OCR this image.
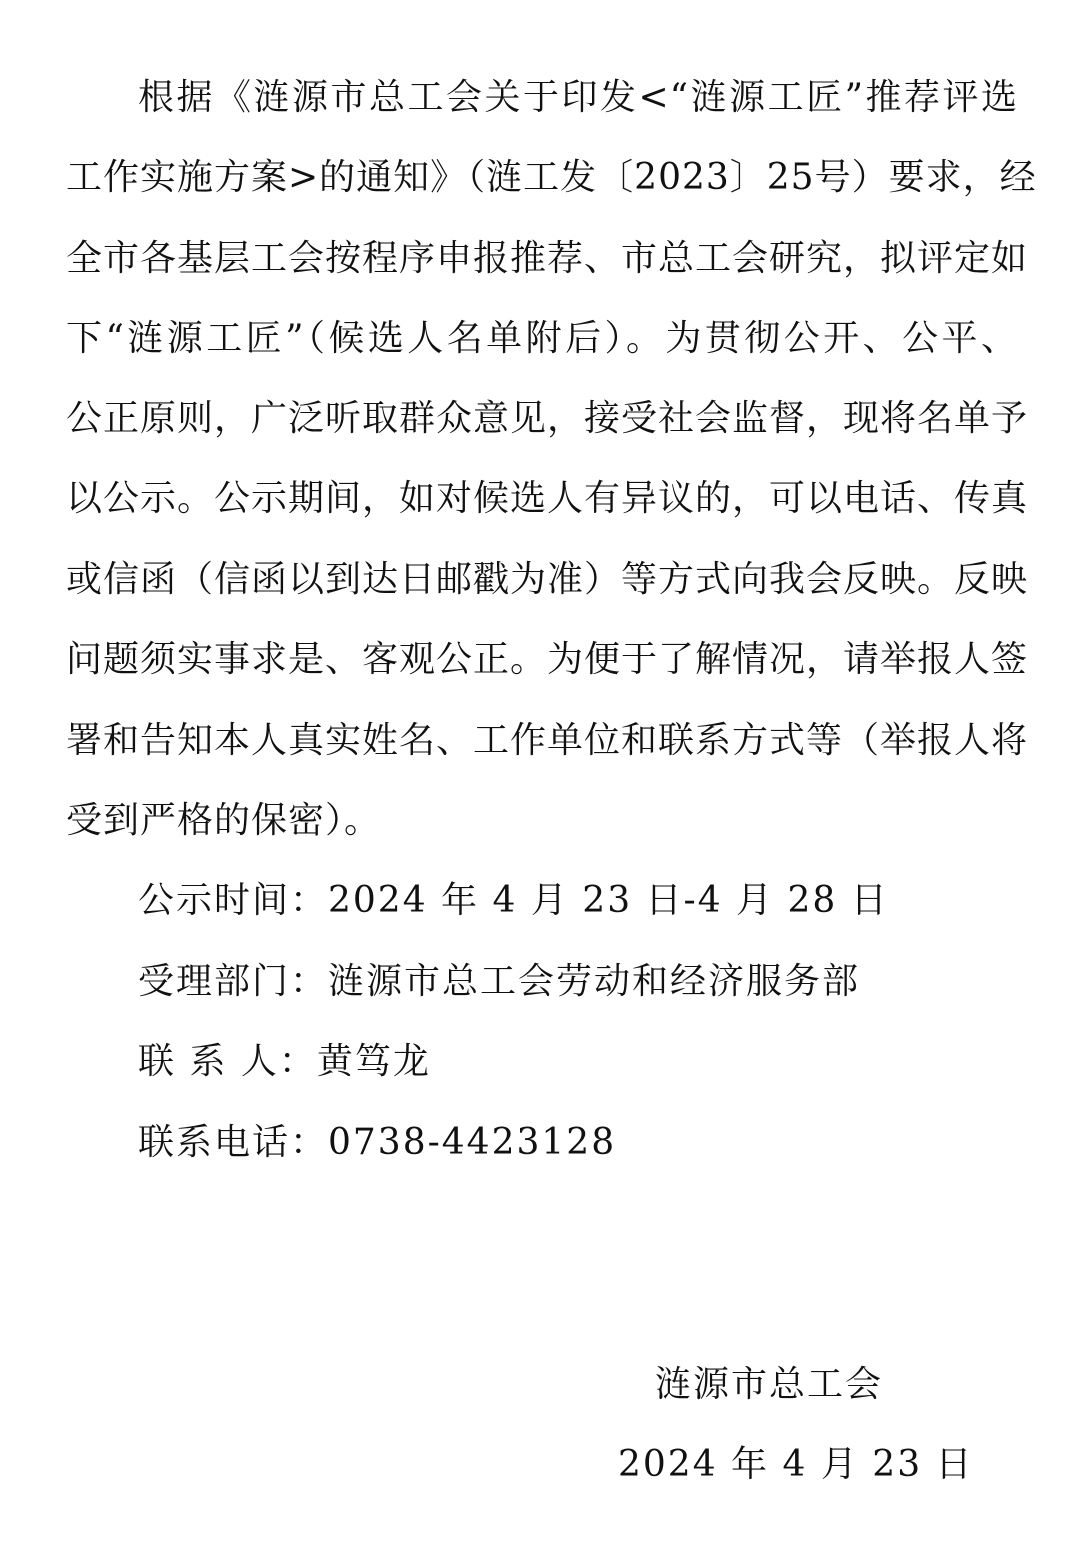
根据《涟源市总工会关于印发<“涟源工匠”推荐评选
工作实施方案>的通知》（涟工发〔2023〕25号）要求，经
全市各基层工会按程序申报推荐、市总工会研究，拟评定如
下“涟源工匠”（候选人名单附后）。为贯彻公开、公平、
公正原则，广泛听取群众意见，接受社会监督，现将名单予
以公示。公示期间，如对候选人有异议的，可以电话、传真
或信函（信函以到达日邮戳为准）等方式向我会反映。反映
问题须实事求是、客观公正。为便于了解情况，请举报人签
署和告知本人真实姓名、工作单位和联系方式等（举报人将
受到严格的保密）。
公示时间：2024 年 4 月 23 日-4 月 28 日
受理部门：涟源市总工会劳动和经济服务部
联 系 人：黄笃龙
联系电话：0738-4423128
涟源市总工会
2024 年 4 月 23 日
